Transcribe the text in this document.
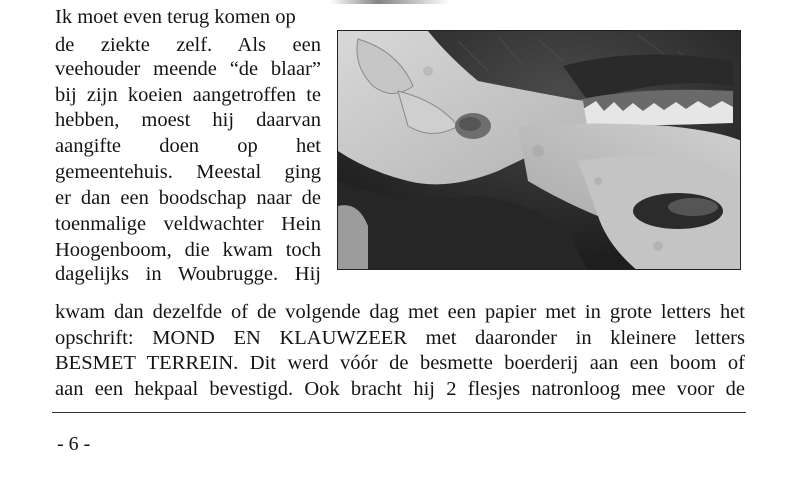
Ik moet even terug komen op

de ziekte zelf. Als een

veehouder meende “de blaar”

bij zijn koeien aangetroffen te

hebben, moest hij daarvan

aangifte doen op het

gemeentehuis. Meestal ging

er dan een boodschap naar de

toenmalige veldwachter Hein

Hoogenboom, die kwam toch

dagelijks in Woubrugge. Hij

kwam dan dezelfde of de volgende dag met een papier met in grote letters het

opschrift: MOND EN KLAUWZEER met daaronder in kleinere letters

BESMET TERREIN. Dit werd vóór de besmette boerderij aan een boom of

aan een hekpaal bevestigd. Ook bracht hij 2 flesjes natronloog mee voor de

- 6 -
